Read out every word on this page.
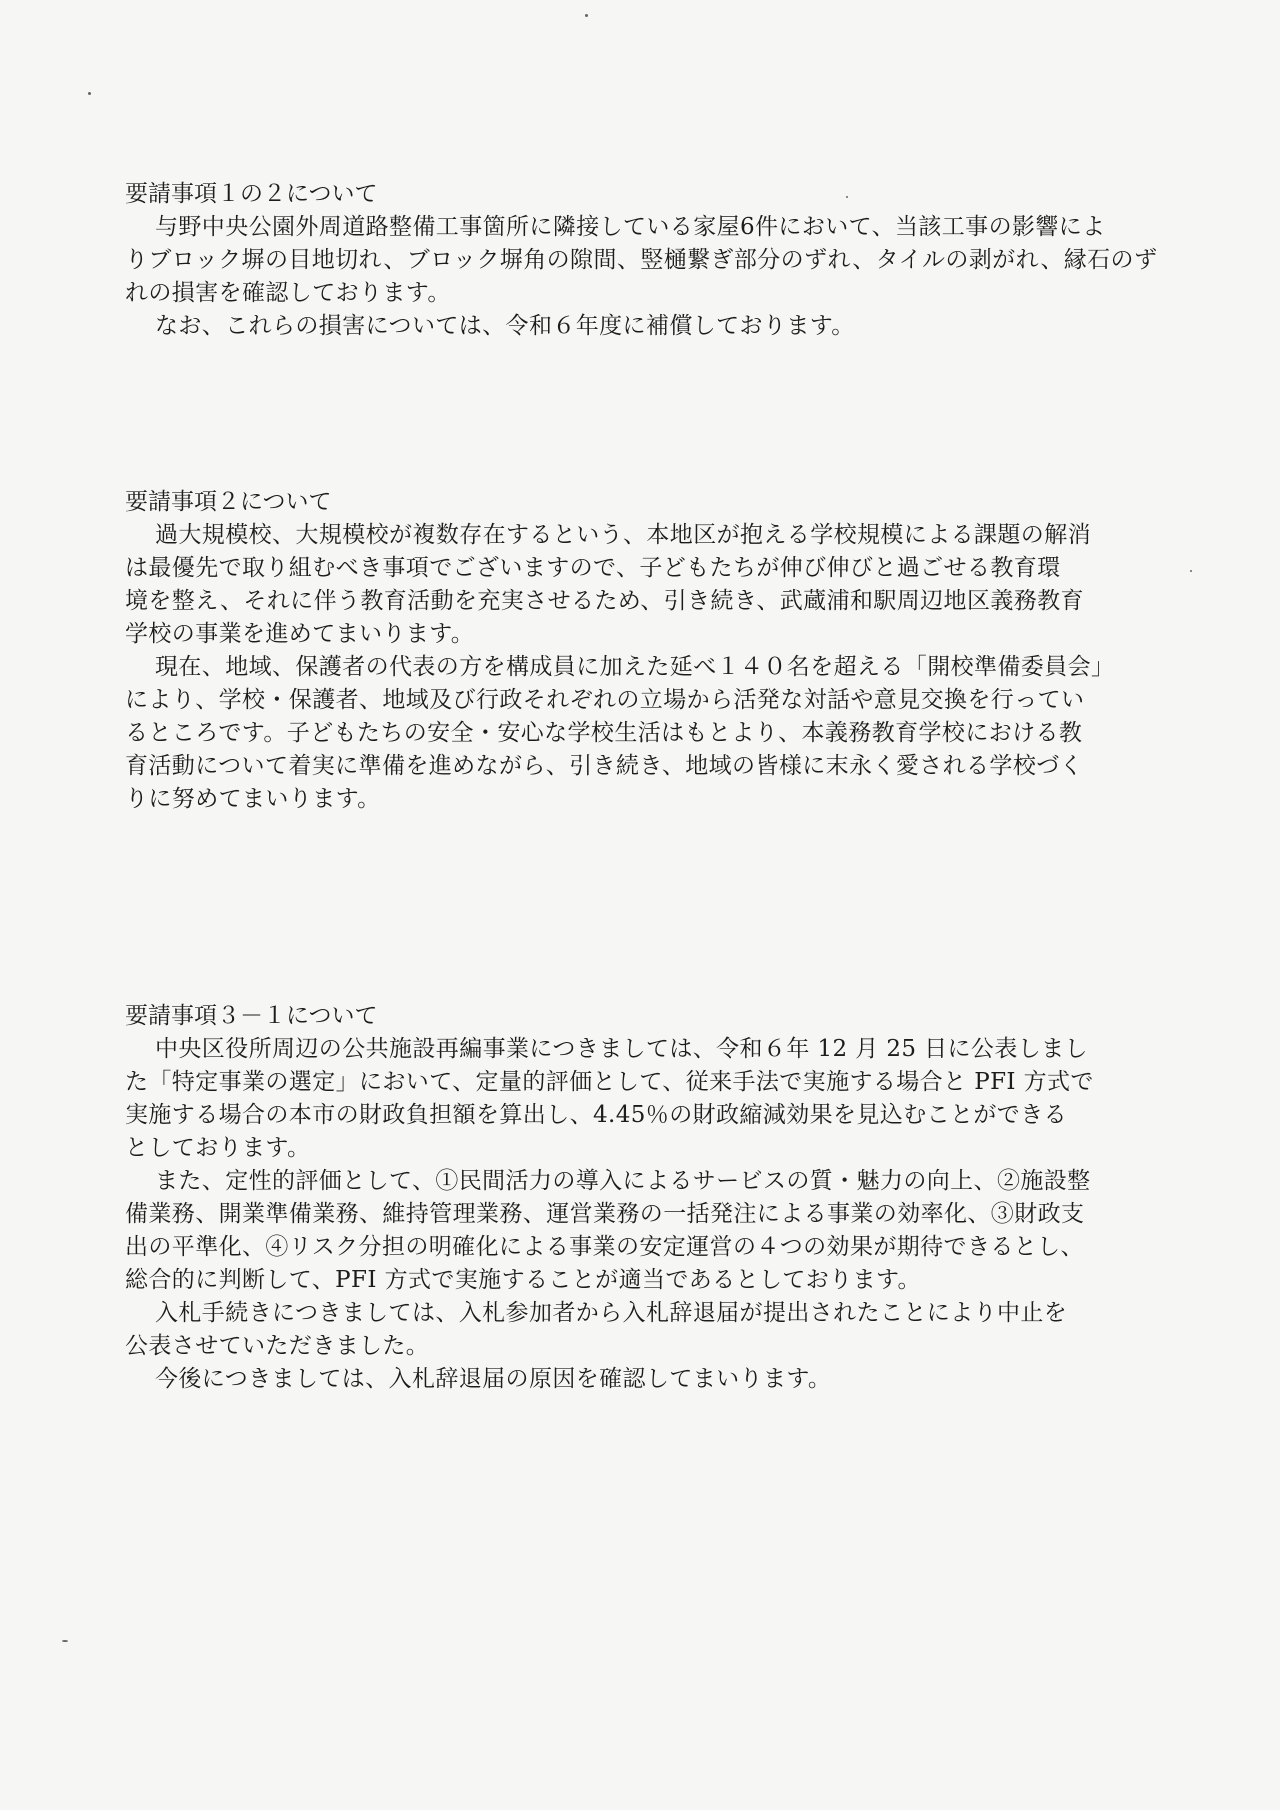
要請事項１の２について
与野中央公園外周道路整備工事箇所に隣接している家屋6件において、当該工事の影響によ
りブロック塀の目地切れ、ブロック塀角の隙間、竪樋繋ぎ部分のずれ、タイルの剥がれ、縁石のず
れの損害を確認しております。
なお、これらの損害については、令和６年度に補償しております。
要請事項２について
過大規模校、大規模校が複数存在するという、本地区が抱える学校規模による課題の解消
は最優先で取り組むべき事項でございますので、子どもたちが伸び伸びと過ごせる教育環
境を整え、それに伴う教育活動を充実させるため、引き続き、武蔵浦和駅周辺地区義務教育
学校の事業を進めてまいります。
現在、地域、保護者の代表の方を構成員に加えた延べ１４０名を超える「開校準備委員会」
により、学校・保護者、地域及び行政それぞれの立場から活発な対話や意見交換を行ってい
るところです。子どもたちの安全・安心な学校生活はもとより、本義務教育学校における教
育活動について着実に準備を進めながら、引き続き、地域の皆様に末永く愛される学校づく
りに努めてまいります。
要請事項３－１について
中央区役所周辺の公共施設再編事業につきましては、令和６年 12 月 25 日に公表しまし
た「特定事業の選定」において、定量的評価として、従来手法で実施する場合と PFI 方式で
実施する場合の本市の財政負担額を算出し、4.45％の財政縮減効果を見込むことができる
としております。
また、定性的評価として、①民間活力の導入によるサービスの質・魅力の向上、②施設整
備業務、開業準備業務、維持管理業務、運営業務の一括発注による事業の効率化、③財政支
出の平準化、④リスク分担の明確化による事業の安定運営の４つの効果が期待できるとし、
総合的に判断して、PFI 方式で実施することが適当であるとしております。
入札手続きにつきましては、入札参加者から入札辞退届が提出されたことにより中止を
公表させていただきました。
今後につきましては、入札辞退届の原因を確認してまいります。
